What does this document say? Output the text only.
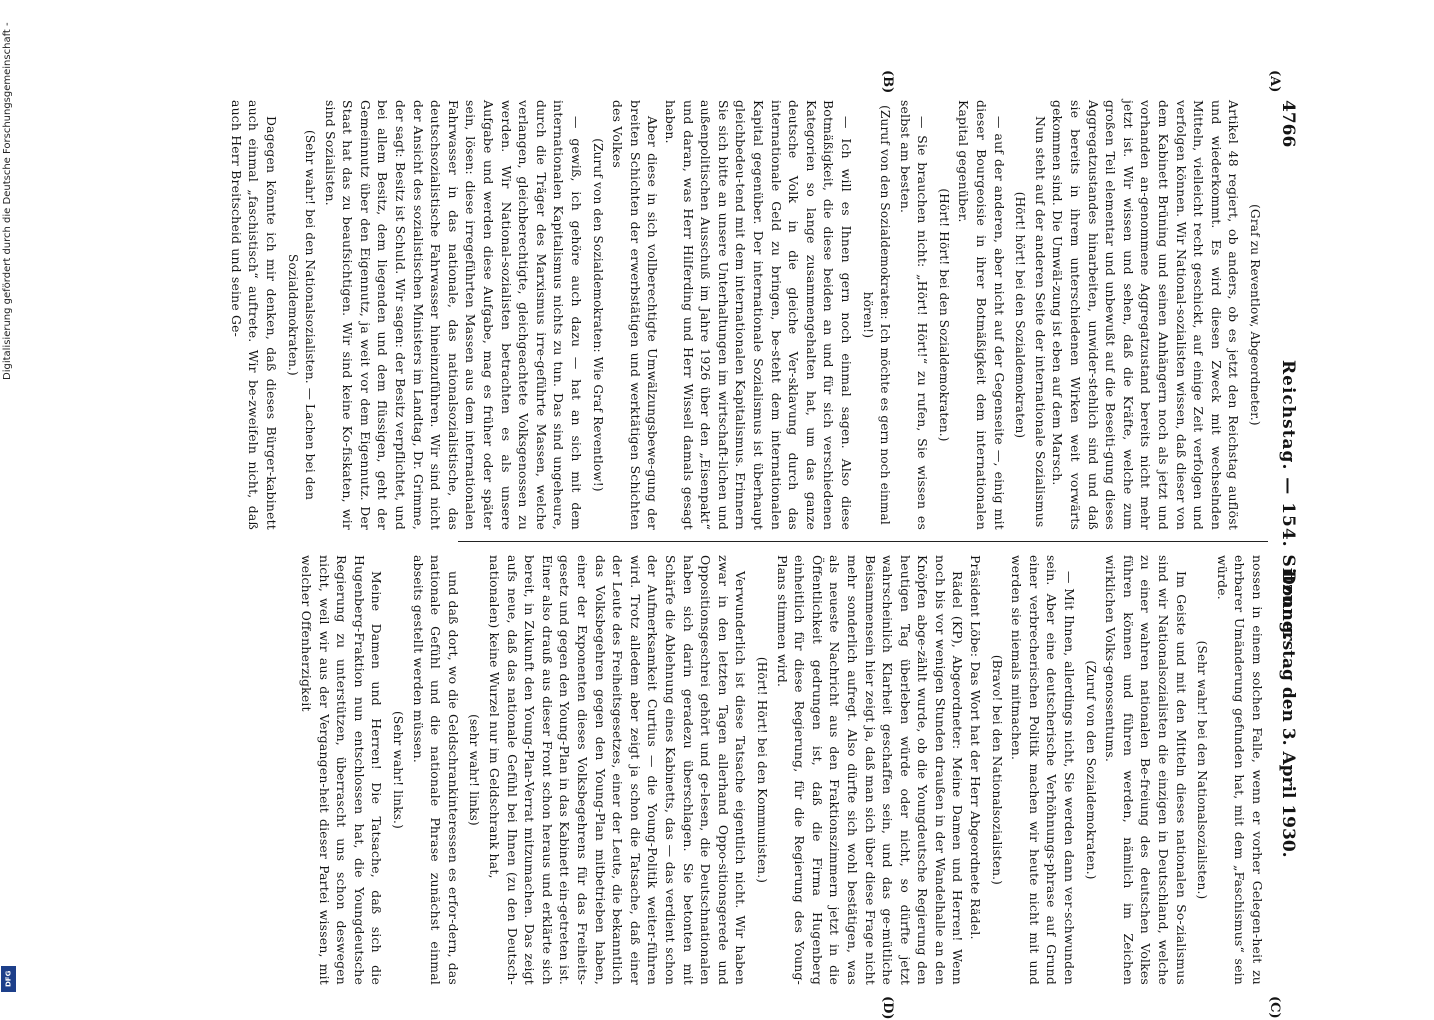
4766
Reichstag. — 154. Sitzung.
Donnerstag den 3. April 1930.
(A)
(B)
(C)
(D)

(Graf zu Reventlow, Abgeordneter.)

Artikel 48 regiert, ob anders, ob es jetzt den Reichstag auflöst und wiederkommt. Es wird diesen Zweck mit wechselnden Mitteln, vielleicht recht geschickt, auf einige Zeit verfolgen und verfolgen können. Wir National-sozialisten wissen, daß dieser von dem Kabinett Brüning und seinen Anhängern noch als jetzt und vorhanden an-genommene Aggregatzustand bereits nicht mehr jetzt ist. Wir wissen und sehen, daß die Kräfte, welche zum großen Teil elementar und unbewußt auf die Beseiti-gung dieses Aggregatzustandes hinarbeiten, unwider-stehlich sind und daß sie bereits in ihrem unterschiedenen Wirken weit vorwärts gekommen sind. Die Umwäl-zung ist eben auf dem Marsch.

Nun steht auf der anderen Seite der internationale Sozialismus

(Hört! hört! bei den Sozialdemokraten)

— auf der anderen, aber nicht auf der Gegenseite —, einig mit dieser Bourgeoisie in ihrer Botmäßigkeit dem internationalen Kapital gegenüber.

(Hört! Hört! bei den Sozialdemokraten.)

— Sie brauchen nicht: „Hört! Hört!“ zu rufen, Sie wissen es selbst am besten.

(Zuruf von den Sozialdemokraten: Ich möchte es gern noch einmal hören!)

— Ich will es Ihnen gern noch einmal sagen. Also diese Botmäßigkeit, die diese beiden an und für sich verschiedenen Kategorien so lange zusammengehalten hat, um das ganze deutsche Volk in die gleiche Ver-sklavung durch das internationale Geld zu bringen, be-steht dem internationalen Kapital gegenüber. Der internationale Sozialismus ist überhaupt gleichbedeu-tend mit dem internationalen Kapitalismus. Erinnern Sie sich bitte an unsere Unterhaltungen im wirtschaft-lichen und außenpolitischen Ausschuß im Jahre 1926 über den „Eisenpakt“ und daran, was Herr Hilferding und Herr Wissell damals gesagt haben.

Aber diese in sich vollberechtigte Umwälzungsbewe-gung der breiten Schichten der erwerbstätigen und werktätigen Schichten des Volkes

(Zuruf von den Sozialdemokraten: Wie Graf Reventlow!)

— gewiß, ich gehöre auch dazu — hat an sich mit dem internationalen Kapitalismus nichts zu tun. Das sind ungeheure, durch die Träger des Marxismus irre-geführte Massen, welche verlangen, gleichberechtigte, gleichgeachtete Volksgenossen zu werden. Wir National-sozialisten betrachten es als unsere Aufgabe und werden diese Aufgabe, mag es früher oder später sein, lösen: diese irregeführten Massen aus dem internationalen Fahrwasser in das nationale, das nationalsozialistische, das deutschsozialistische Fahrwasser hineinzuführen. Wir sind nicht der Ansicht des sozialistischen Ministers im Landtag, Dr. Grimme, der sagt: Besitz ist Schuld. Wir sagen: der Besitz verpflichtet, und bei allem Besitz, dem liegenden und dem flüssigen, geht der Gemeinnutz über den Eigennutz, ja weit vor dem Eigennutz. Der Staat hat das zu beaufsichtigen. Wir sind keine Ko-fiskaten, wir sind Sozialisten.

(Sehr wahr! bei den Nationalsozialisten. — Lachen bei den Sozialdemokraten.)

Dagegen könnte ich mir denken, daß dieses Bürger-kabinett auch einmal „faschistisch“ auftrete. Wir be-zweifeln nicht, daß auch Herr Breitscheid und seine Ge-

nossen in einem solchen Falle, wenn er vorher Gelegen-heit zu ehrbarer Umänderung gefunden hat, mit dem „Faschismus“ sein würde.

(Sehr wahr! bei den Nationalsozialisten.)

Im Geiste und mit den Mitteln dieses nationalen So-zialismus sind wir Nationalsozialisten die einzigen in Deutschland, welche zu einer wahren nationalen Be-freiung des deutschen Volkes führen können und führen werden, nämlich im Zeichen wirklichen Volks-genossentums.

(Zuruf von den Sozialdemokraten.)

— Mit Ihnen, allerdings nicht, Sie werden dann ver-schwunden sein. Aber eine deutscherische Verhöhnungs-phrase auf Grund einer verbrecherischen Politik machen wir heute nicht mit und werden sie niemals mitmachen.

(Bravo! bei den Nationalsozialisten.)

Präsident Löbe: Das Wort hat der Herr Abgeordnete Rädel.

Rädel (KP), Abgeordneter: Meine Damen und Herren! Wenn noch bis vor wenigen Stunden draußen in der Wandelhalle an den Knöpfen abge-zählt wurde, ob die Youngdeutsche Regierung den heutigen Tag überleben würde oder nicht, so dürfte jetzt wahrscheinlich Klarheit geschaffen sein, und das ge-mütliche Beisammensein hier zeigt ja, daß man sich über diese Frage nicht mehr sonderlich aufregt. Also dürfte sich wohl bestätigen, was als neueste Nachricht aus den Fraktionszimmern jetzt in die Öffentlichkeit gedrungen ist, daß die Firma Hugenberg einheitlich für diese Regierung, für die Regierung des Young-Plans stimmen wird.

(Hört! Hört! bei den Kommunisten.)

Verwunderlich ist diese Tatsache eigentlich nicht. Wir haben zwar in den letzten Tagen allerhand Oppo-sitionsgerede und Oppositionsgeschrei gehört und ge-lesen, die Deutschnationalen haben sich darin geradezu überschlagen. Sie betonten mit Schärfe die Ablehnung eines Kabinetts, das — das verdient schon der Aufmerksamkeit Curtius — die Young-Politik weiter-führen wird. Trotz alledem aber zeigt ja schon die Tatsache, daß einer der Leute des Freiheitsgesetzes, einer der Leute, die bekanntlich das Volksbegehren gegen den Young-Plan mitbetrieben haben, einer der Exponenten dieses Volksbegehrens für das Freiheits-gesetz und gegen den Young-Plan in das Kabinett ein-getreten ist. Einer also drauß aus dieser Front schon heraus und erklärte sich bereit, in Zukunft den Young-Plan-Verrat mitzumachen. Das zeigt aufs neue, daß das nationale Gefühl bei Ihnen (zu den Deutsch-nationalen) keine Wurzel nur im Geldschrank hat,

(sehr wahr! links)

und daß dort, wo die Geldschrankinteressen es erfor-dern, das nationale Gefühl und die nationale Phrase zunächst einmal abseits gestellt werden müssen.

(Sehr wahr! links.)

Meine Damen und Herren! Die Tatsache, daß sich die Hugenberg-Fraktion nun entschlossen hat, die Youngdeutsche Regierung zu unterstützen, überrascht uns schon deswegen nicht, weil wir aus der Vergangen-heit dieser Partei wissen, mit welcher Offenherzigkeit

Digitalisierung gefördert durch die Deutsche Forschungsgemeinschaft -
DFG
